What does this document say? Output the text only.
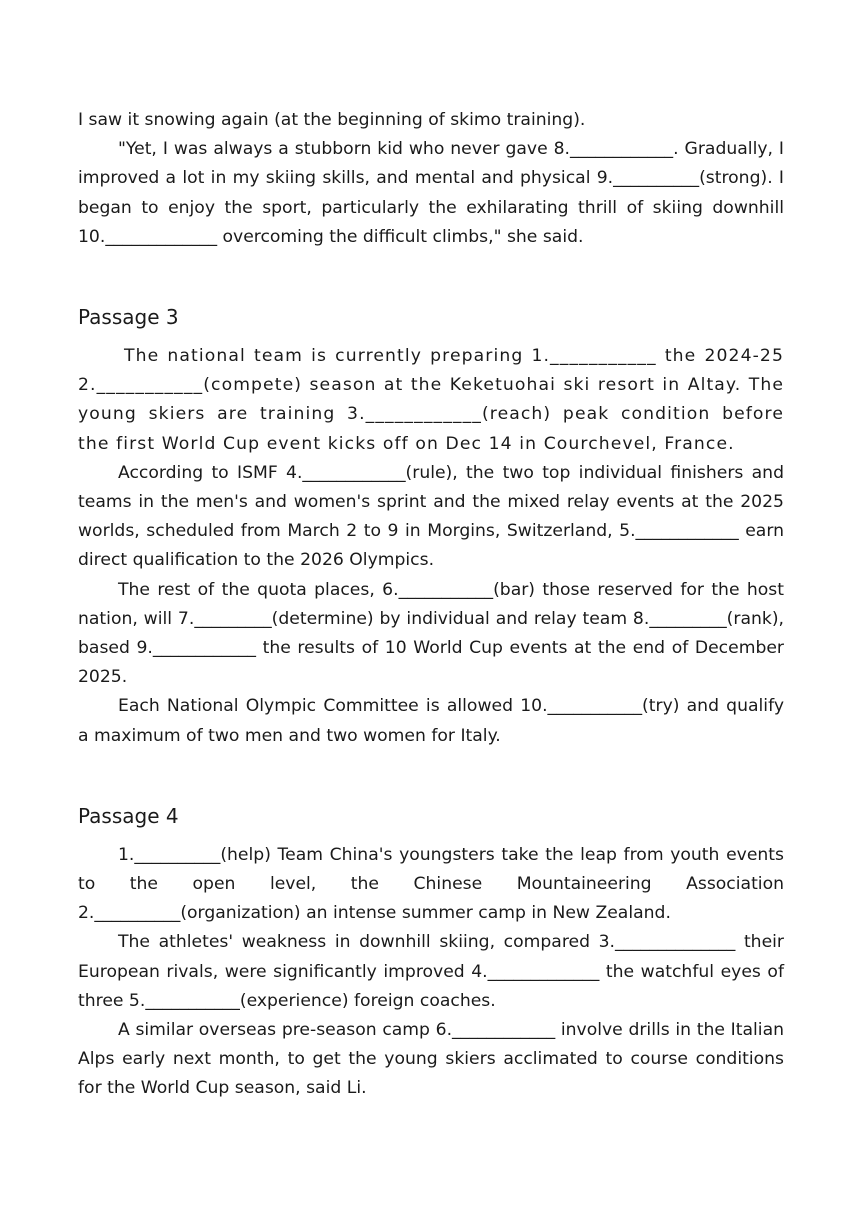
I saw it snowing again (at the beginning of skimo training).

"Yet, I was always a stubborn kid who never gave 8.____________. Gradually, I improved a lot in my skiing skills, and mental and physical 9.__________(strong). I began to enjoy the sport, particularly the exhilarating thrill of skiing downhill 10._____________ overcoming the difficult climbs," she said.

Passage 3

The national team is currently preparing 1.___________ the 2024-25 2.___________(compete) season at the Keketuohai ski resort in Altay. The young skiers are training 3.____________(reach) peak condition before the first World Cup event kicks off on Dec 14 in Courchevel, France.

According to ISMF 4.____________(rule), the two top individual finishers and teams in the men's and women's sprint and the mixed relay events at the 2025 worlds, scheduled from March 2 to 9 in Morgins, Switzerland, 5.____________ earn direct qualification to the 2026 Olympics.

The rest of the quota places, 6.___________(bar) those reserved for the host nation, will 7._________(determine) by individual and relay team 8._________(rank), based 9.____________ the results of 10 World Cup events at the end of December 2025.

Each National Olympic Committee is allowed 10.___________(try) and qualify a maximum of two men and two women for Italy.

Passage 4

1.__________(help) Team China's youngsters take the leap from youth events to the open level, the Chinese Mountaineering Association 2.__________(organization) an intense summer camp in New Zealand.

The athletes' weakness in downhill skiing, compared 3.______________ their European rivals, were significantly improved 4._____________ the watchful eyes of three 5.___________(experience) foreign coaches.

A similar overseas pre-season camp 6.____________ involve drills in the Italian Alps early next month, to get the young skiers acclimated to course conditions for the World Cup season, said Li.
